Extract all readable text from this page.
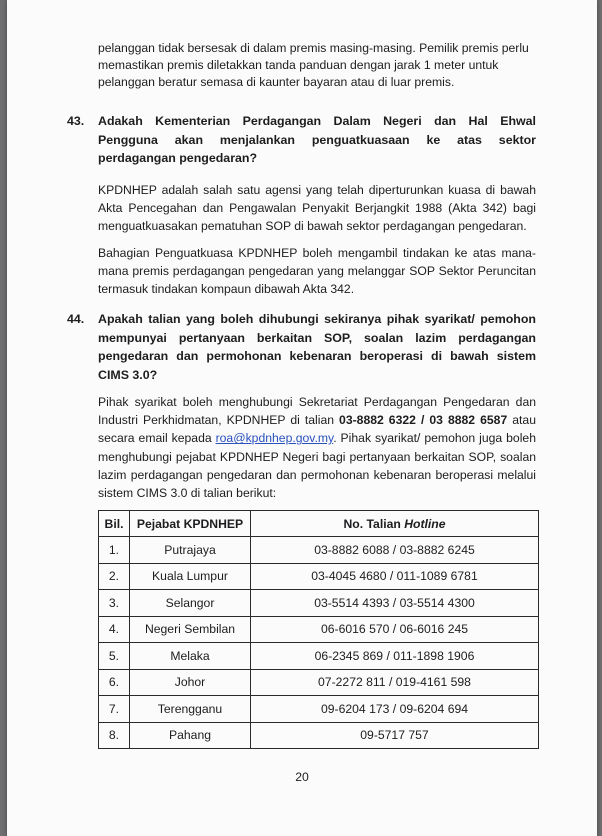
pelanggan tidak bersesak di dalam premis masing-masing. Pemilik premis perlu

memastikan premis diletakkan tanda panduan dengan jarak 1 meter untuk

pelanggan beratur semasa di kaunter bayaran atau di luar premis.

43. Adakah Kementerian Perdagangan Dalam Negeri dan Hal Ehwal Pengguna akan menjalankan penguatkuasaan ke atas sektor perdagangan pengedaran?

KPDNHEP adalah salah satu agensi yang telah diperturunkan kuasa di bawah Akta Pencegahan dan Pengawalan Penyakit Berjangkit 1988 (Akta 342) bagi menguatkuasakan pematuhan SOP di bawah sektor perdagangan pengedaran.

Bahagian Penguatkuasa KPDNHEP boleh mengambil tindakan ke atas mana-mana premis perdagangan pengedaran yang melanggar SOP Sektor Peruncitan termasuk tindakan kompaun dibawah Akta 342.

44. Apakah talian yang boleh dihubungi sekiranya pihak syarikat/ pemohon mempunyai pertanyaan berkaitan SOP, soalan lazim perdagangan pengedaran dan permohonan kebenaran beroperasi di bawah sistem CIMS 3.0?

Pihak syarikat boleh menghubungi Sekretariat Perdagangan Pengedaran dan Industri Perkhidmatan, KPDNHEP di talian 03-8882 6322 / 03 8882 6587 atau secara email kepada roa@kpdnhep.gov.my. Pihak syarikat/ pemohon juga boleh menghubungi pejabat KPDNHEP Negeri bagi pertanyaan berkaitan SOP, soalan lazim perdagangan pengedaran dan permohonan kebenaran beroperasi melalui sistem CIMS 3.0 di talian berikut:

Bil.	Pejabat KPDNHEP	No. Talian Hotline
1.	Putrajaya	03-8882 6088 / 03-8882 6245
2.	Kuala Lumpur	03-4045 4680 / 011-1089 6781
3.	Selangor	03-5514 4393 / 03-5514 4300
4.	Negeri Sembilan	06-6016 570 / 06-6016 245
5.	Melaka	06-2345 869 / 011-1898 1906
6.	Johor	07-2272 811 / 019-4161 598
7.	Terengganu	09-6204 173 / 09-6204 694
8.	Pahang	09-5717 757
20
